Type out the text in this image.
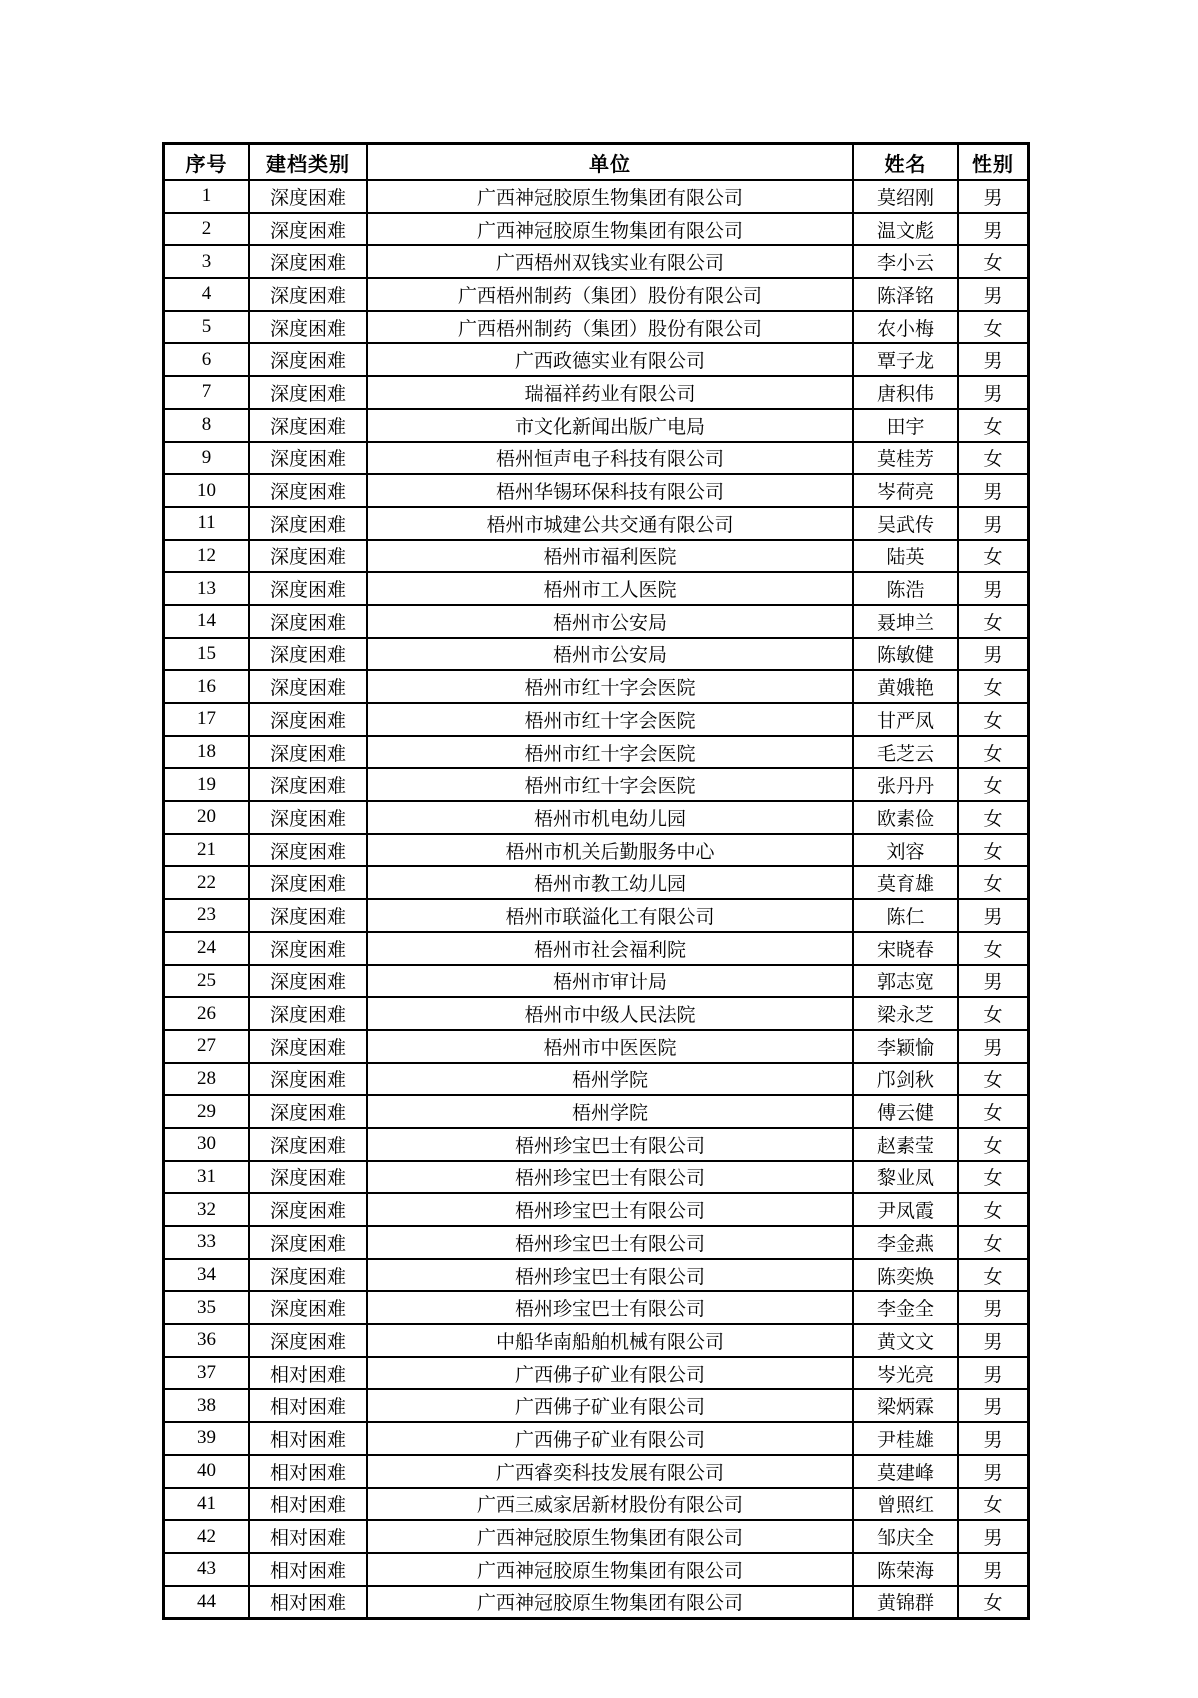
序号	建档类别	单位	姓名	性别
1	深度困难	广西神冠胶原生物集团有限公司	莫绍刚	男
2	深度困难	广西神冠胶原生物集团有限公司	温文彪	男
3	深度困难	广西梧州双钱实业有限公司	李小云	女
4	深度困难	广西梧州制药（集团）股份有限公司	陈泽铭	男
5	深度困难	广西梧州制药（集团）股份有限公司	农小梅	女
6	深度困难	广西政德实业有限公司	覃子龙	男
7	深度困难	瑞福祥药业有限公司	唐积伟	男
8	深度困难	市文化新闻出版广电局	田宇	女
9	深度困难	梧州恒声电子科技有限公司	莫桂芳	女
10	深度困难	梧州华锡环保科技有限公司	岑荷亮	男
11	深度困难	梧州市城建公共交通有限公司	吴武传	男
12	深度困难	梧州市福利医院	陆英	女
13	深度困难	梧州市工人医院	陈浩	男
14	深度困难	梧州市公安局	聂坤兰	女
15	深度困难	梧州市公安局	陈敏健	男
16	深度困难	梧州市红十字会医院	黄娥艳	女
17	深度困难	梧州市红十字会医院	甘严凤	女
18	深度困难	梧州市红十字会医院	毛芝云	女
19	深度困难	梧州市红十字会医院	张丹丹	女
20	深度困难	梧州市机电幼儿园	欧素俭	女
21	深度困难	梧州市机关后勤服务中心	刘容	女
22	深度困难	梧州市教工幼儿园	莫育雄	女
23	深度困难	梧州市联溢化工有限公司	陈仁	男
24	深度困难	梧州市社会福利院	宋晓春	女
25	深度困难	梧州市审计局	郭志宽	男
26	深度困难	梧州市中级人民法院	梁永芝	女
27	深度困难	梧州市中医医院	李颖愉	男
28	深度困难	梧州学院	邝剑秋	女
29	深度困难	梧州学院	傅云健	女
30	深度困难	梧州珍宝巴士有限公司	赵素莹	女
31	深度困难	梧州珍宝巴士有限公司	黎业凤	女
32	深度困难	梧州珍宝巴士有限公司	尹凤霞	女
33	深度困难	梧州珍宝巴士有限公司	李金燕	女
34	深度困难	梧州珍宝巴士有限公司	陈奕焕	女
35	深度困难	梧州珍宝巴士有限公司	李金全	男
36	深度困难	中船华南船舶机械有限公司	黄文文	男
37	相对困难	广西佛子矿业有限公司	岑光亮	男
38	相对困难	广西佛子矿业有限公司	梁炳霖	男
39	相对困难	广西佛子矿业有限公司	尹桂雄	男
40	相对困难	广西睿奕科技发展有限公司	莫建峰	男
41	相对困难	广西三威家居新材股份有限公司	曾照红	女
42	相对困难	广西神冠胶原生物集团有限公司	邹庆全	男
43	相对困难	广西神冠胶原生物集团有限公司	陈荣海	男
44	相对困难	广西神冠胶原生物集团有限公司	黄锦群	女
